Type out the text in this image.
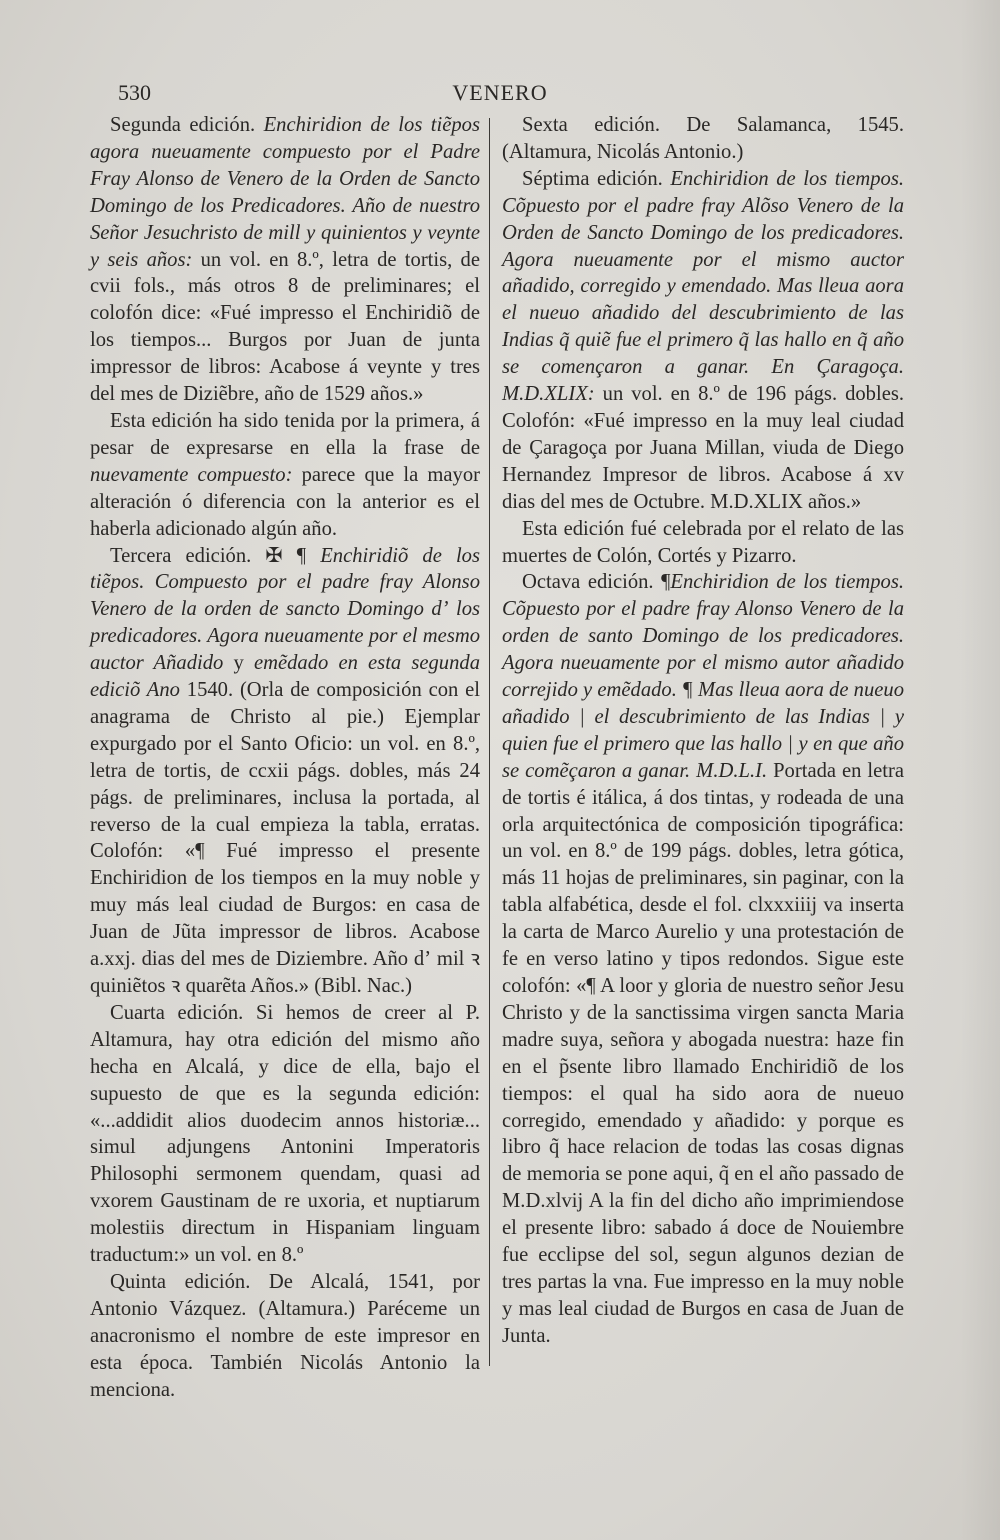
530	VENERO

Segunda edición. Enchiridion de los tiẽpos agora nueuamente compuesto por el Padre Fray Alonso de Venero de la Orden de Sancto Domingo de los Predicadores. Año de nuestro Señor Jesuchristo de mill y quinientos y veynte y seis años: un vol. en 8.º, letra de tortis, de cvii fols., más otros 8 de preliminares; el colofón dice: «Fué impresso el Enchiridiõ de los tiempos... Burgos por Juan de junta impressor de libros: Acabose á veynte y tres del mes de Diziẽbre, año de 1529 años.»

Esta edición ha sido tenida por la primera, á pesar de expresarse en ella la frase de nuevamente compuesto: parece que la mayor alteración ó diferencia con la anterior es el haberla adicionado algún año.

Tercera edición. ✠ ¶ Enchiridiõ de los tiẽpos. Compuesto por el padre fray Alonso Venero de la orden de sancto Domingo dʼ los predicadores. Agora nueuamente por el mesmo auctor Añadido y emẽdado en esta segunda ediciõ Ano 1540. (Orla de composición con el anagrama de Christo al pie.) Ejemplar expurgado por el Santo Oficio: un vol. en 8.º, letra de tortis, de ccxii págs. dobles, más 24 págs. de preliminares, inclusa la portada, al reverso de la cual empieza la tabla, erratas. Colofón: «¶ Fué impresso el presente Enchiridion de los tiempos en la muy noble y muy más leal ciudad de Burgos: en casa de Juan de Jũta impressor de libros. Acabose a.xxj. dias del mes de Diziembre. Año dʼ mil ꝛ quiniẽtos ꝛ quarẽta Años.» (Bibl. Nac.)

Cuarta edición. Si hemos de creer al P. Altamura, hay otra edición del mismo año hecha en Alcalá, y dice de ella, bajo el supuesto de que es la segunda edición: «...addidit alios duodecim annos historiæ... simul adjungens Antonini Imperatoris Philosophi sermonem quendam, quasi ad vxorem Gaustinam de re uxoria, et nuptiarum molestiis directum in Hispaniam linguam traductum:» un vol. en 8.º

Quinta edición. De Alcalá, 1541, por Antonio Vázquez. (Altamura.) Paréceme un anacronismo el nombre de este impresor en esta época. También Nicolás Antonio la menciona.

Sexta edición. De Salamanca, 1545. (Altamura, Nicolás Antonio.)

Séptima edición. Enchiridion de los tiempos. Cõpuesto por el padre fray Alõso Venero de la Orden de Sancto Domingo de los predicadores. Agora nueuamente por el mismo auctor añadido, corregido y emendado. Mas lleua aora el nueuo añadido del descubrimiento de las Indias q̃ quiẽ fue el primero q̃ las hallo en q̃ año se començaron a ganar. En Çaragoça. M.D.XLIX: un vol. en 8.º de 196 págs. dobles. Colofón: «Fué impresso en la muy leal ciudad de Çaragoça por Juana Millan, viuda de Diego Hernandez Impresor de libros. Acabose á xv dias del mes de Octubre. M.D.XLIX años.»

Esta edición fué celebrada por el relato de las muertes de Colón, Cortés y Pizarro.

Octava edición. ¶Enchiridion de los tiempos. Cõpuesto por el padre fray Alonso Venero de la orden de santo Domingo de los predicadores. Agora nueuamente por el mismo autor añadido correjido y emẽdado. ¶ Mas lleua aora de nueuo añadido | el descubrimiento de las Indias | y quien fue el primero que las hallo | y en que año se comẽçaron a ganar. M.D.L.I. Portada en letra de tortis é itálica, á dos tintas, y rodeada de una orla arquitectónica de composición tipográfica: un vol. en 8.º de 199 págs. dobles, letra gótica, más 11 hojas de preliminares, sin paginar, con la tabla alfabética, desde el fol. clxxxiiij va inserta la carta de Marco Aurelio y una protestación de fe en verso latino y tipos redondos. Sigue este colofón: «¶ A loor y gloria de nuestro señor Jesu Christo y de la sanctissima virgen sancta Maria madre suya, señora y abogada nuestra: haze fin en el p̃sente libro llamado Enchiridiõ de los tiempos: el qual ha sido aora de nueuo corregido, emendado y añadido: y porque es libro q̃ hace relacion de todas las cosas dignas de memoria se pone aqui, q̃ en el año passado de M.D.xlvij A la fin del dicho año imprimiendose el presente libro: sabado á doce de Nouiembre fue ecclipse del sol, segun algunos dezian de tres partas la vna. Fue impresso en la muy noble y mas leal ciudad de Burgos en casa de Juan de Junta.
